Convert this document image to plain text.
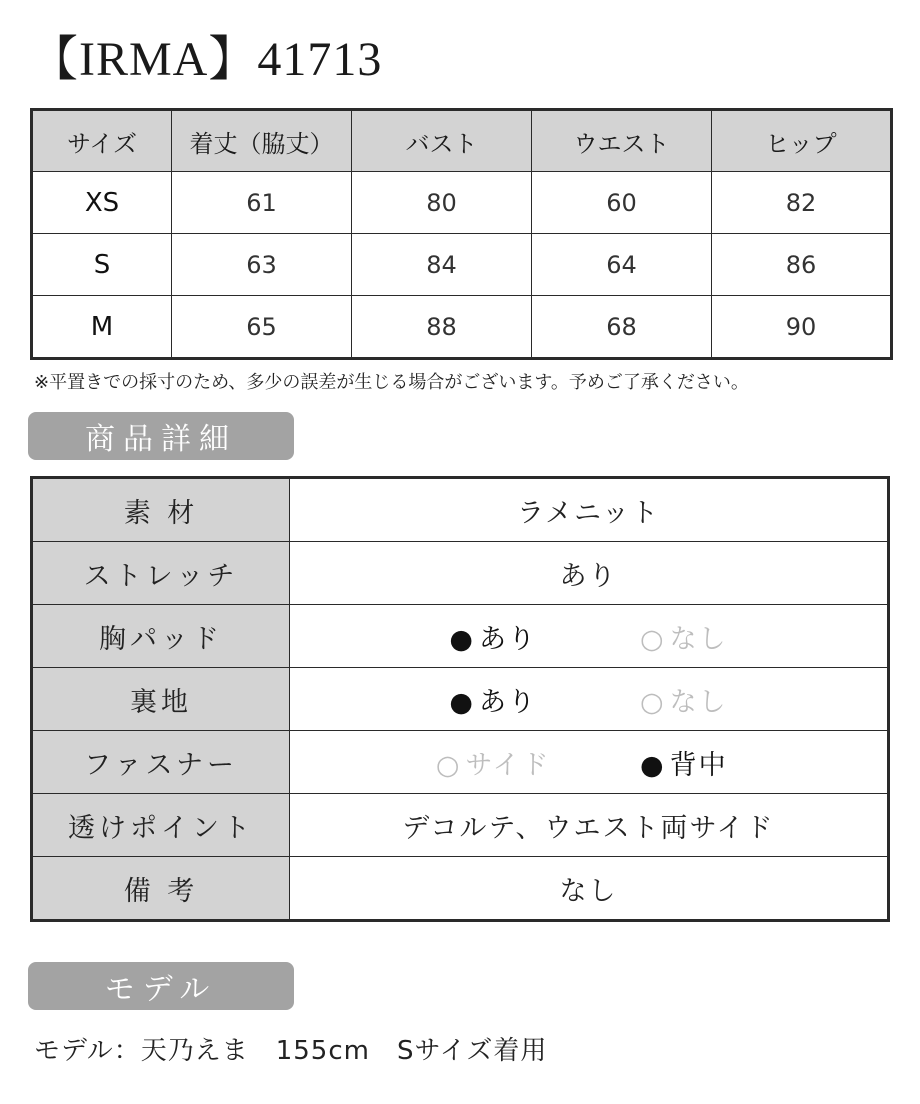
【IRMA】41713
サイズ	着丈（脇丈）	バスト	ウエスト	ヒップ
XS	61	80	60	82
S	63	84	64	86
M	65	88	68	90
※平置きでの採寸のため、多少の誤差が生じる場合がございます。予めご了承ください。
商品詳細
素 材	ラメニット
ストレッチ	あり
胸パッド	● あり ○ なし
裏地	● あり ○ なし
ファスナー	○ サイド ● 背中
透けポイント	デコルテ、ウエスト両サイド
備 考	なし
モデル
モデル：天乃えま　155cm　Sサイズ着用
